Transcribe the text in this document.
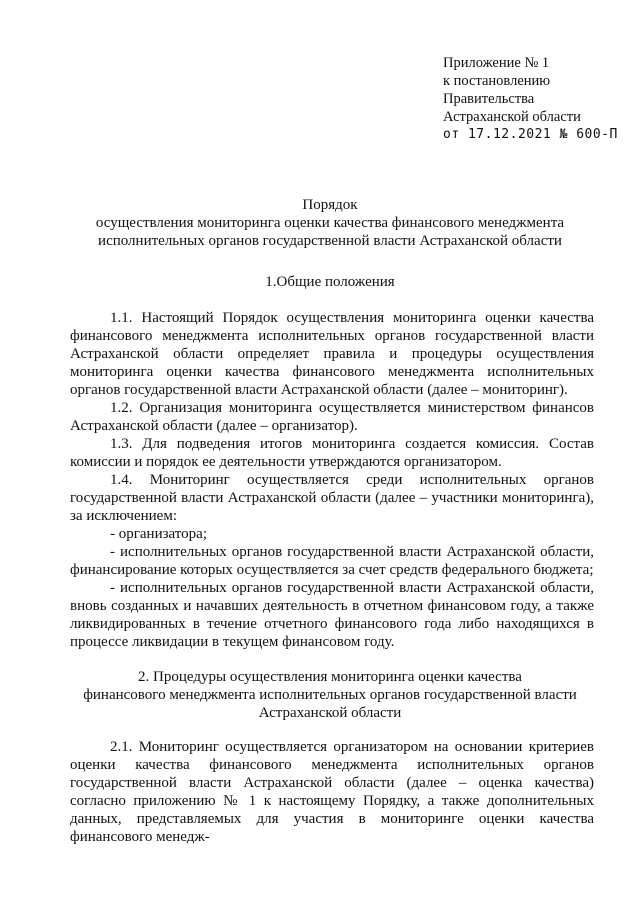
Приложение № 1
к постановлению
Правительства
Астраханской области
от 17.12.2021 № 600-П
Порядок
осуществления мониторинга оценки качества финансового менеджмента
исполнительных органов государственной власти Астраханской области
1.Общие положения

1.1. Настоящий Порядок осуществления мониторинга оценки качества финансового менеджмента исполнительных органов государственной власти Астраханской области определяет правила и процедуры осуществления мониторинга оценки качества финансового менеджмента исполнительных органов государственной власти Астраханской области (далее – мониторинг).

1.2. Организация мониторинга осуществляется министерством финансов Астраханской области (далее – организатор).

1.3. Для подведения итогов мониторинга создается комиссия. Состав комиссии и порядок ее деятельности утверждаются организатором.

1.4. Мониторинг осуществляется среди исполнительных органов государственной власти Астраханской области (далее – участники мониторинга), за исключением:

- организатора;

- исполнительных органов государственной власти Астраханской области, финансирование которых осуществляется за счет средств федерального бюджета;

- исполнительных органов государственной власти Астраханской области, вновь созданных и начавших деятельность в отчетном финансовом году, а также ликвидированных в течение отчетного финансового года либо находящихся в процессе ликвидации в текущем финансовом году.

2. Процедуры осуществления мониторинга оценки качества
финансового менеджмента исполнительных органов государственной власти
Астраханской области

2.1. Мониторинг осуществляется организатором на основании критериев оценки качества финансового менеджмента исполнительных органов государственной власти Астраханской области (далее – оценка качества) согласно приложению № 1 к настоящему Порядку, а также дополнительных данных, представляемых для участия в мониторинге оценки качества финансового менедж-
